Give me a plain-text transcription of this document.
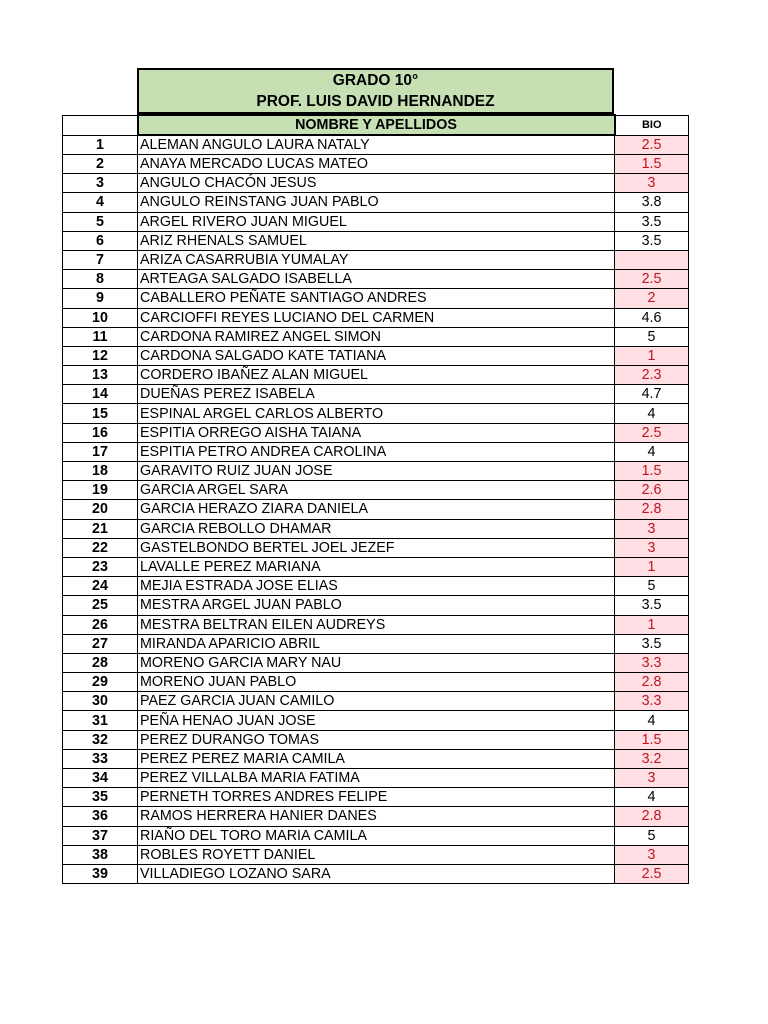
GRADO 10°
PROF. LUIS DAVID HERNANDEZ
	NOMBRE Y APELLIDOS	BIO
1	ALEMAN ANGULO LAURA NATALY	2.5
2	ANAYA MERCADO LUCAS MATEO	1.5
3	ANGULO CHACÓN JESUS	3
4	ANGULO REINSTANG JUAN PABLO	3.8
5	ARGEL RIVERO JUAN MIGUEL	3.5
6	ARIZ RHENALS SAMUEL	3.5
7	ARIZA CASARRUBIA YUMALAY	
8	ARTEAGA SALGADO ISABELLA	2.5
9	CABALLERO PEÑATE SANTIAGO ANDRES	2
10	CARCIOFFI REYES LUCIANO DEL CARMEN	4.6
11	CARDONA RAMIREZ ANGEL SIMON	5
12	CARDONA SALGADO KATE TATIANA	1
13	CORDERO IBAÑEZ ALAN MIGUEL	2.3
14	DUEÑAS PEREZ ISABELA	4.7
15	ESPINAL ARGEL CARLOS ALBERTO	4
16	ESPITIA ORREGO AISHA TAIANA	2.5
17	ESPITIA PETRO ANDREA CAROLINA	4
18	GARAVITO RUIZ JUAN JOSE	1.5
19	GARCIA ARGEL SARA	2.6
20	GARCIA HERAZO ZIARA DANIELA	2.8
21	GARCIA REBOLLO DHAMAR	3
22	GASTELBONDO BERTEL JOEL JEZEF	3
23	LAVALLE PEREZ MARIANA	1
24	MEJIA ESTRADA JOSE ELIAS	5
25	MESTRA ARGEL JUAN PABLO	3.5
26	MESTRA BELTRAN EILEN AUDREYS	1
27	MIRANDA APARICIO ABRIL	3.5
28	MORENO GARCIA MARY NAU	3.3
29	MORENO JUAN PABLO	2.8
30	PAEZ GARCIA JUAN CAMILO	3.3
31	PEÑA HENAO JUAN JOSE	4
32	PEREZ DURANGO TOMAS	1.5
33	PEREZ PEREZ MARIA CAMILA	3.2
34	PEREZ VILLALBA MARIA FATIMA	3
35	PERNETH TORRES ANDRES FELIPE	4
36	RAMOS HERRERA HANIER DANES	2.8
37	RIAÑO DEL TORO MARIA CAMILA	5
38	ROBLES ROYETT DANIEL	3
39	VILLADIEGO LOZANO SARA	2.5
